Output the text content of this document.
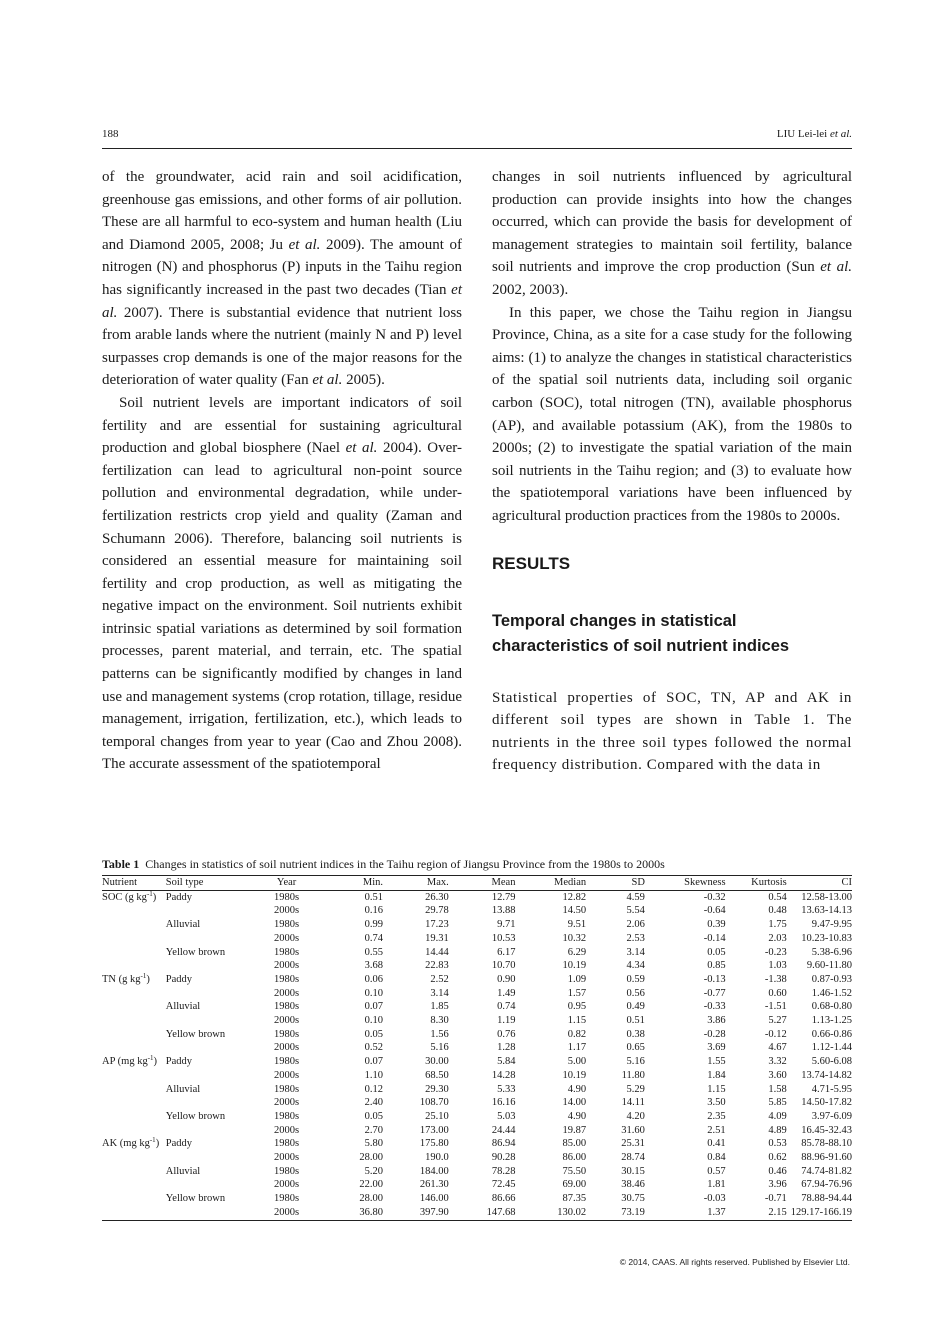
188	LIU Lei-lei et al.

of the groundwater, acid rain and soil acidification, greenhouse gas emissions, and other forms of air pollution. These are all harmful to eco-system and human health (Liu and Diamond 2005, 2008; Ju et al. 2009). The amount of nitrogen (N) and phosphorus (P) inputs in the Taihu region has significantly increased in the past two decades (Tian et al. 2007). There is substantial evidence that nutrient loss from arable lands where the nutrient (mainly N and P) level surpasses crop demands is one of the major reasons for the deterioration of water quality (Fan et al. 2005).

Soil nutrient levels are important indicators of soil fertility and are essential for sustaining agricultural production and global biosphere (Nael et al. 2004). Over-fertilization can lead to agricultural non-point source pollution and environmental degradation, while under-fertilization restricts crop yield and quality (Zaman and Schumann 2006). Therefore, balancing soil nutrients is considered an essential measure for maintaining soil fertility and crop production, as well as mitigating the negative impact on the environment. Soil nutrients exhibit intrinsic spatial variations as determined by soil formation processes, parent material, and terrain, etc. The spatial patterns can be significantly modified by changes in land use and management systems (crop rotation, tillage, residue management, irrigation, fertilization, etc.), which leads to temporal changes from year to year (Cao and Zhou 2008). The accurate assessment of the spatiotemporal

changes in soil nutrients influenced by agricultural production can provide insights into how the changes occurred, which can provide the basis for development of management strategies to maintain soil fertility, balance soil nutrients and improve the crop production (Sun et al. 2002, 2003).

In this paper, we chose the Taihu region in Jiangsu Province, China, as a site for a case study for the following aims: (1) to analyze the changes in statistical characteristics of the spatial soil nutrients data, including soil organic carbon (SOC), total nitrogen (TN), available phosphorus (AP), and available potassium (AK), from the 1980s to 2000s; (2) to investigate the spatial variation of the main soil nutrients in the Taihu region; and (3) to evaluate how the spatiotemporal variations have been influenced by agricultural production practices from the 1980s to 2000s.

RESULTS
Temporal changes in statistical characteristics of soil nutrient indices

Statistical properties of SOC, TN, AP and AK in different soil types are shown in Table 1. The nutrients in the three soil types followed the normal frequency distribution. Compared with the data in

Table 1 Changes in statistics of soil nutrient indices in the Taihu region of Jiangsu Province from the 1980s to 2000s
Nutrient	Soil type	Year	Min.	Max.	Mean	Median	SD	Skewness	Kurtosis	CI
SOC (g $kg^{-1}$)	Paddy	1980s	0.51	26.30	12.79	12.82	4.59	-0.32	0.54	12.58-13.00
		2000s	0.16	29.78	13.88	14.50	5.54	-0.64	0.48	13.63-14.13
	Alluvial	1980s	0.99	17.23	9.71	9.51	2.06	0.39	1.75	9.47-9.95
		2000s	0.74	19.31	10.53	10.32	2.53	-0.14	2.03	10.23-10.83
	Yellow brown	1980s	0.55	14.44	6.17	6.29	3.14	0.05	-0.23	5.38-6.96
		2000s	3.68	22.83	10.70	10.19	4.34	0.85	1.03	9.60-11.80
TN (g $kg^{-1}$)	Paddy	1980s	0.06	2.52	0.90	1.09	0.59	-0.13	-1.38	0.87-0.93
		2000s	0.10	3.14	1.49	1.57	0.56	-0.77	0.60	1.46-1.52
	Alluvial	1980s	0.07	1.85	0.74	0.95	0.49	-0.33	-1.51	0.68-0.80
		2000s	0.10	8.30	1.19	1.15	0.51	3.86	5.27	1.13-1.25
	Yellow brown	1980s	0.05	1.56	0.76	0.82	0.38	-0.28	-0.12	0.66-0.86
		2000s	0.52	5.16	1.28	1.17	0.65	3.69	4.67	1.12-1.44
AP (mg $kg^{-1}$)	Paddy	1980s	0.07	30.00	5.84	5.00	5.16	1.55	3.32	5.60-6.08
		2000s	1.10	68.50	14.28	10.19	11.80	1.84	3.60	13.74-14.82
	Alluvial	1980s	0.12	29.30	5.33	4.90	5.29	1.15	1.58	4.71-5.95
		2000s	2.40	108.70	16.16	14.00	14.11	3.50	5.85	14.50-17.82
	Yellow brown	1980s	0.05	25.10	5.03	4.90	4.20	2.35	4.09	3.97-6.09
		2000s	2.70	173.00	24.44	19.87	31.60	2.51	4.89	16.45-32.43
AK (mg $kg^{-1}$)	Paddy	1980s	5.80	175.80	86.94	85.00	25.31	0.41	0.53	85.78-88.10
		2000s	28.00	190.0	90.28	86.00	28.74	0.84	0.62	88.96-91.60
	Alluvial	1980s	5.20	184.00	78.28	75.50	30.15	0.57	0.46	74.74-81.82
		2000s	22.00	261.30	72.45	69.00	38.46	1.81	3.96	67.94-76.96
	Yellow brown	1980s	28.00	146.00	86.66	87.35	30.75	-0.03	-0.71	78.88-94.44
		2000s	36.80	397.90	147.68	130.02	73.19	1.37	2.15	129.17-166.19
© 2014, CAAS. All rights reserved. Published by Elsevier Ltd.
